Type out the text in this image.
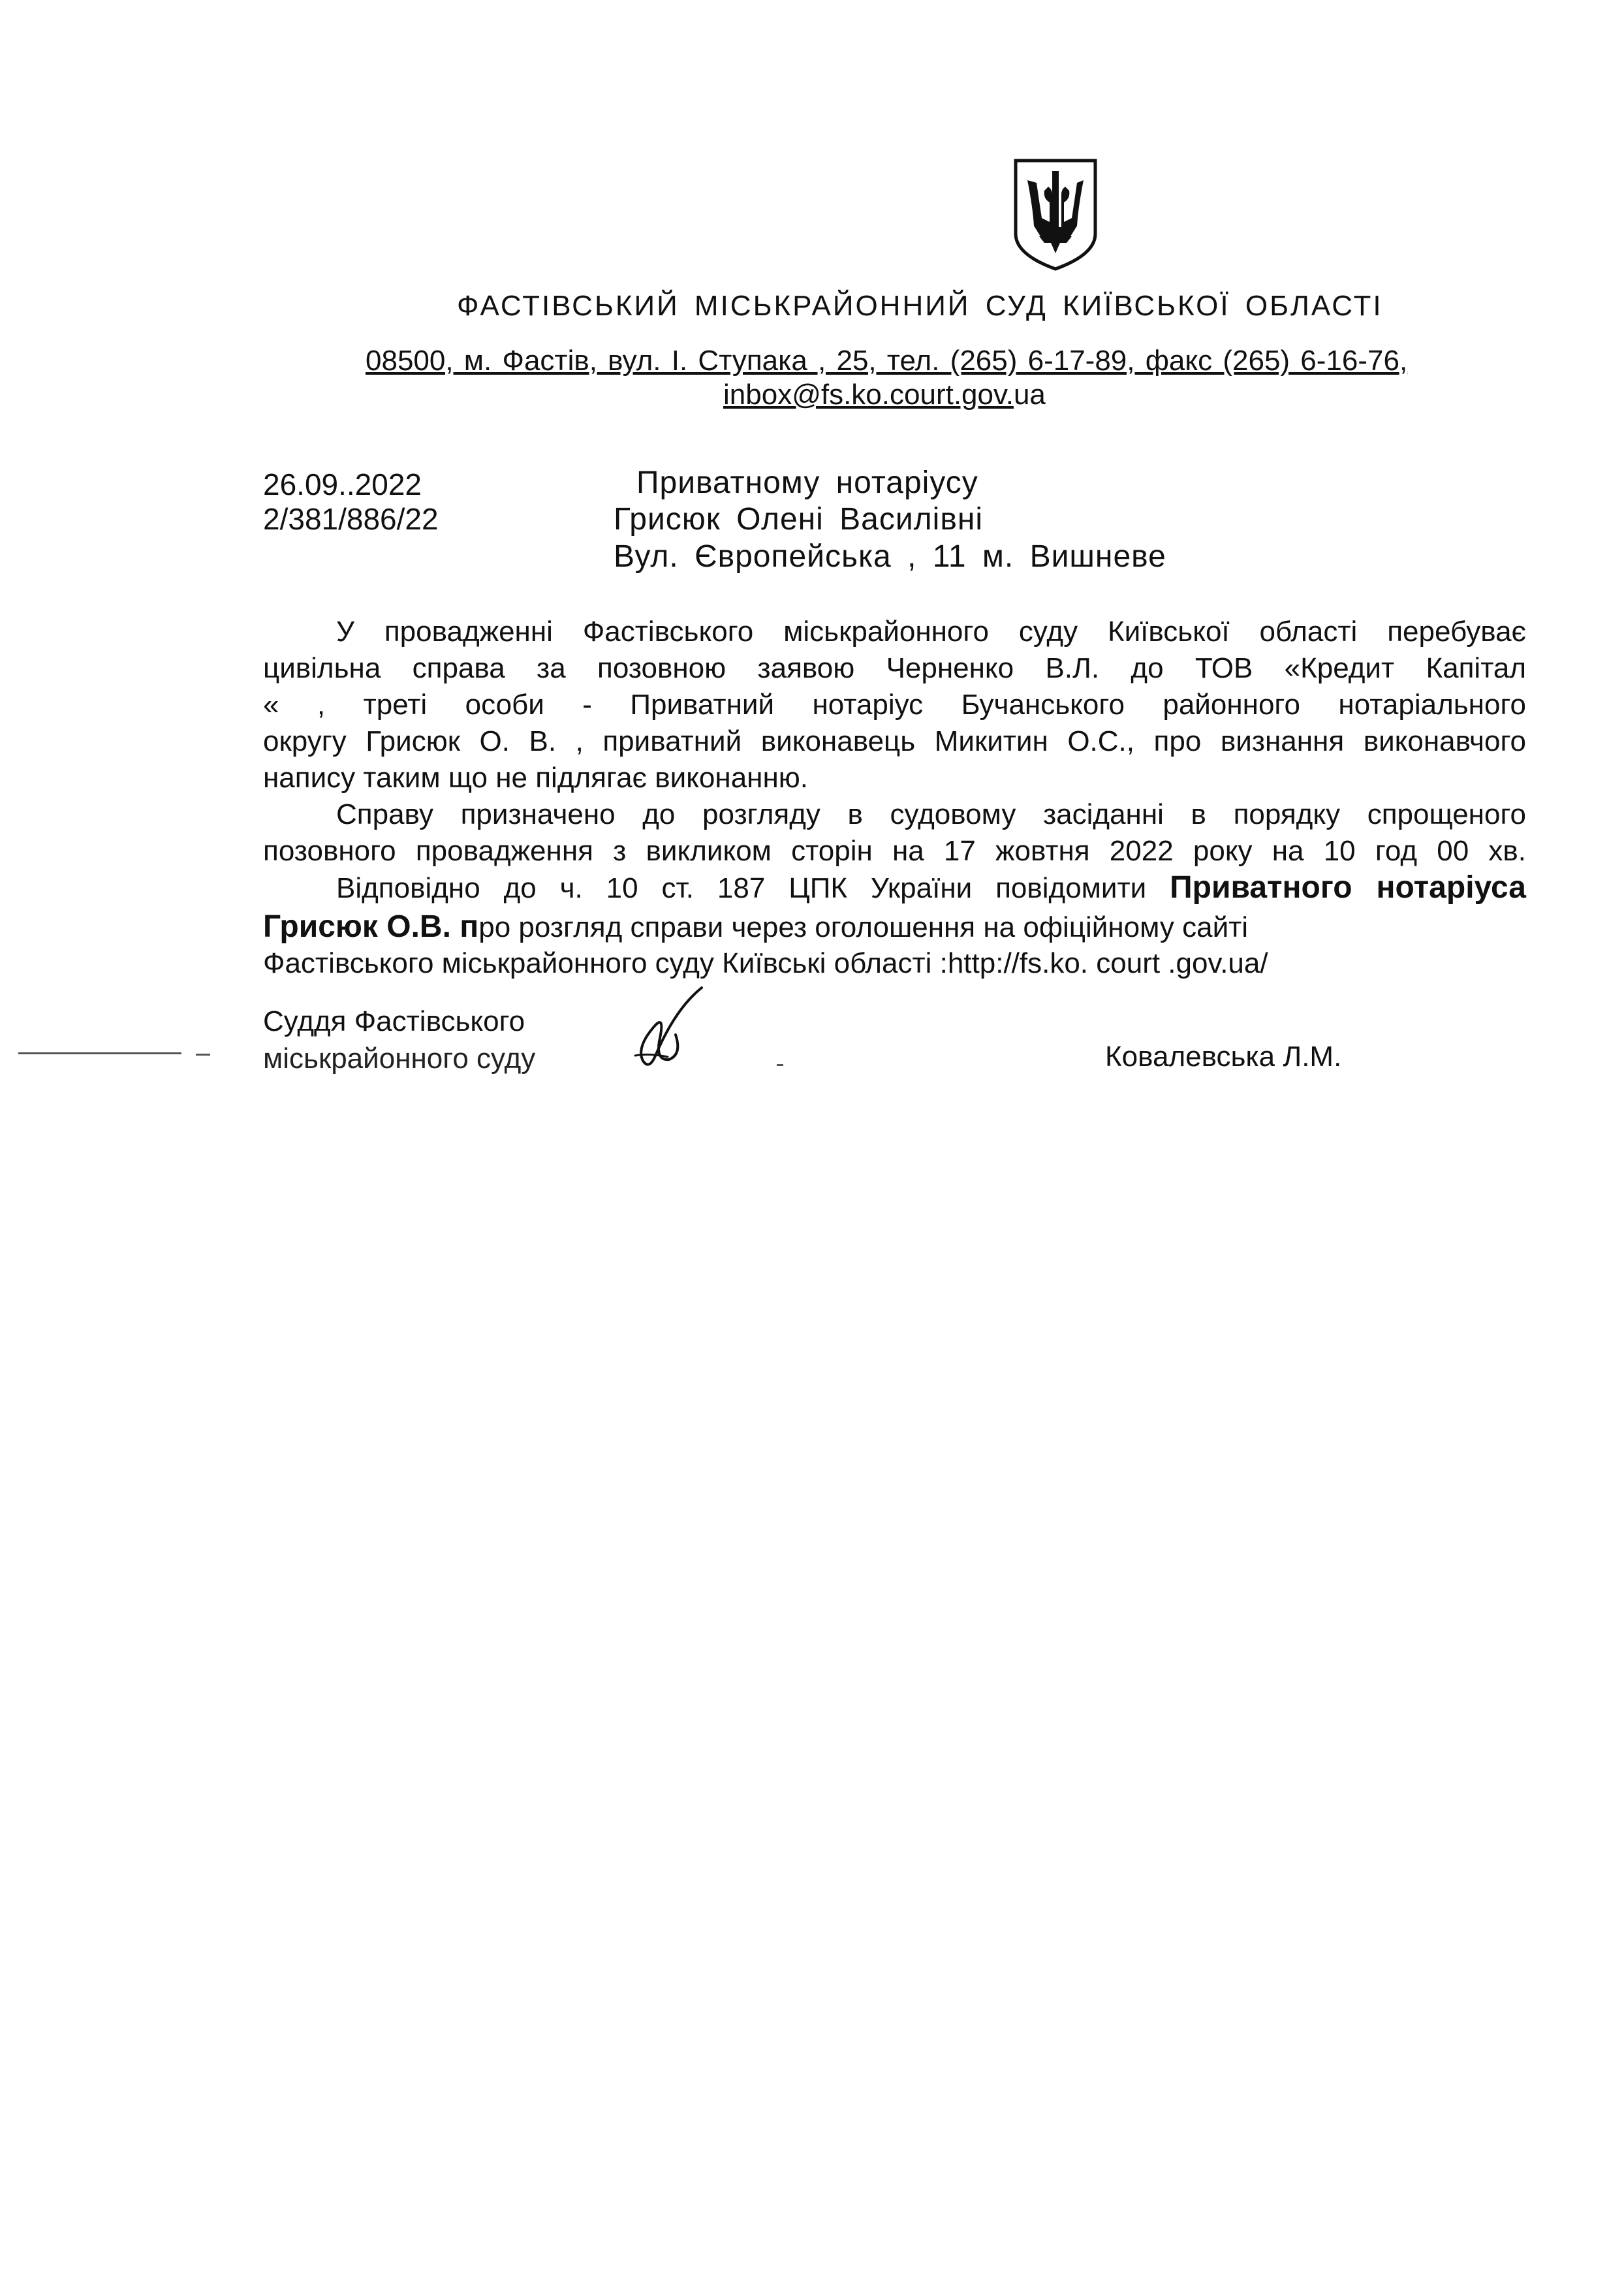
ФАСТІВСЬКИЙ МІСЬКРАЙОННИЙ СУД КИЇВСЬКОЇ ОБЛАСТІ
08500, м. Фастів, вул. І. Ступака , 25, тел. (265) 6-17-89, факс (265) 6-16-76,
inbox@fs.ko.court.gov.ua
26.09..2022
2/381/886/22
Приватному нотаріусу
Грисюк Олені Василівні
Вул. Європейська , 11 м. Вишневе
У провадженні Фастівського міськрайонного суду Київської області перебуває
цивільна справа за позовною заявою Черненко В.Л. до ТОВ «Кредит Капітал
« , треті особи - Приватний нотаріус Бучанського районного нотаріального
округу Грисюк О. В. , приватний виконавець Микитин О.С., про визнання виконавчого
напису таким що не підлягає виконанню.
Справу призначено до розгляду в судовому засіданні в порядку спрощеного
позовного провадження з викликом сторін на 17 жовтня 2022 року на 10 год 00 хв.
Відповідно до ч. 10 ст. 187 ЦПК України повідомити Приватного нотаріуса
Грисюк О.В. про розгляд справи через оголошення на офіційному сайті
Фастівського міськрайонного суду Київські області :http://fs.ko. court .gov.ua/
Суддя Фастівського
міськрайонного суду	Ковалевська Л.М.
